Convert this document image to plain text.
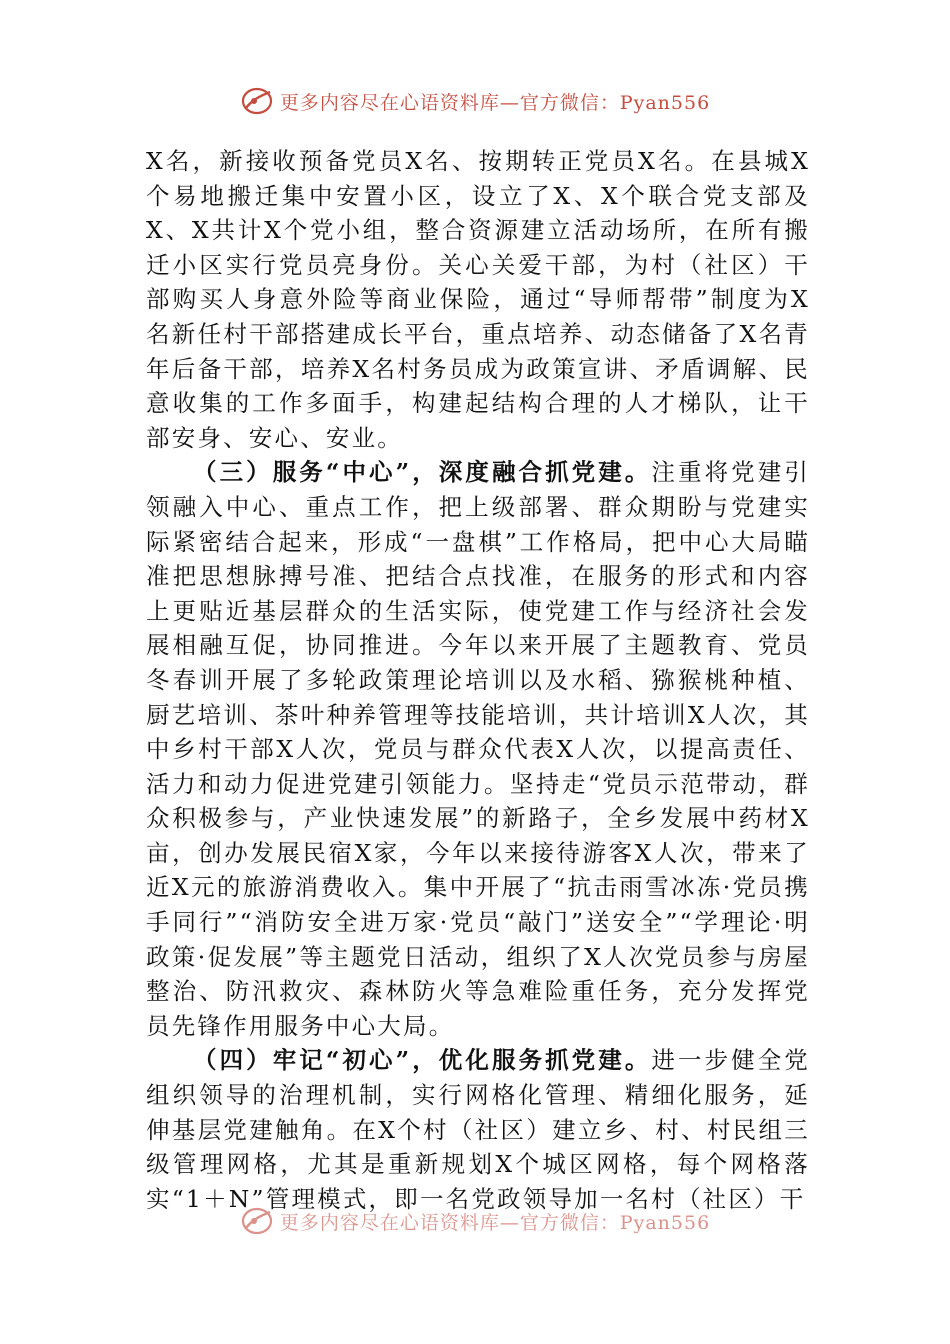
更多内容尽在心语资料库—官方微信：Pyan556

X名，新接收预备党员X名、按期转正党员X名。在县城X个易地搬迁集中安置小区，设立了X、X个联合党支部及X、X共计X个党小组，整合资源建立活动场所，在所有搬迁小区实行党员亮身份。关心关爱干部，为村（社区）干部购买人身意外险等商业保险，通过“导师帮带”制度为X名新任村干部搭建成长平台，重点培养、动态储备了X名青年后备干部，培养X名村务员成为政策宣讲、矛盾调解、民意收集的工作多面手，构建起结构合理的人才梯队，让干部安身、安心、安业。

（三）服务“中心”，深度融合抓党建。注重将党建引领融入中心、重点工作，把上级部署、群众期盼与党建实际紧密结合起来，形成“一盘棋”工作格局，把中心大局瞄准把思想脉搏号准、把结合点找准，在服务的形式和内容上更贴近基层群众的生活实际，使党建工作与经济社会发展相融互促，协同推进。今年以来开展了主题教育、党员冬春训开展了多轮政策理论培训以及水稻、猕猴桃种植、厨艺培训、茶叶种养管理等技能培训，共计培训X人次，其中乡村干部X人次，党员与群众代表X人次，以提高责任、活力和动力促进党建引领能力。坚持走“党员示范带动，群众积极参与，产业快速发展”的新路子，全乡发展中药材X亩，创办发展民宿X家，今年以来接待游客X人次，带来了近X元的旅游消费收入。集中开展了“抗击雨雪冰冻·党员携手同行”“消防安全进万家·党员“敲门”送安全”“学理论·明政策·促发展”等主题党日活动，组织了X人次党员参与房屋整治、防汛救灾、森林防火等急难险重任务，充分发挥党员先锋作用服务中心大局。

（四）牢记“初心”，优化服务抓党建。进一步健全党组织领导的治理机制，实行网格化管理、精细化服务，延伸基层党建触角。在X个村（社区）建立乡、村、村民组三级管理网格，尤其是重新规划X个城区网格，每个网格落实“1＋N”管理模式，即一名党政领导加一名村（社区）干

更多内容尽在心语资料库—官方微信：Pyan556
